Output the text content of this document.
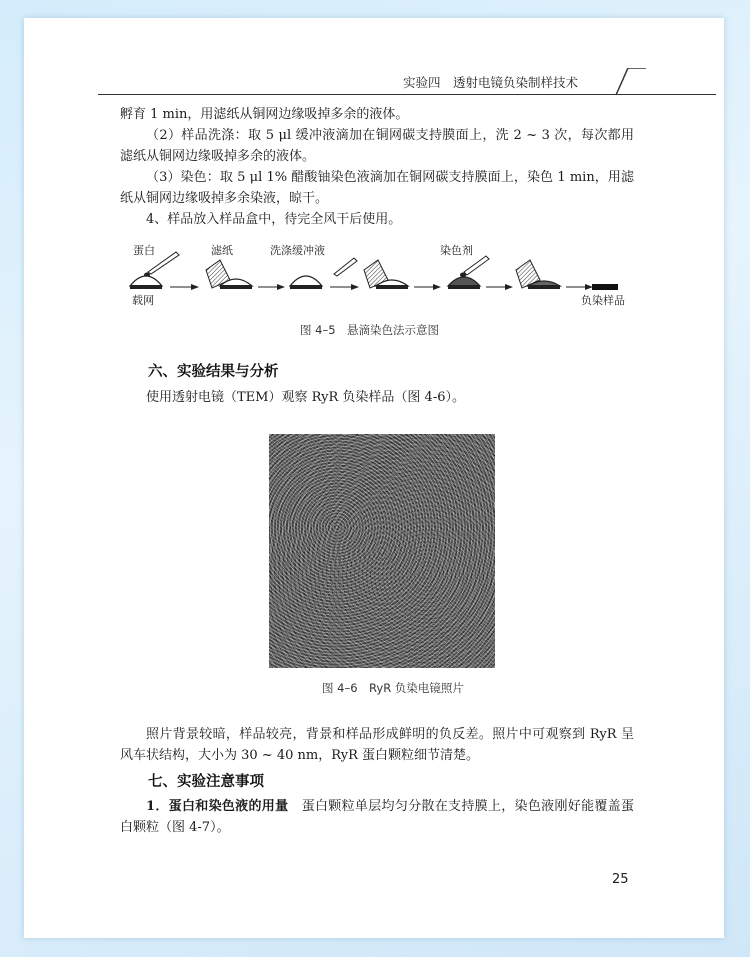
实验四　透射电镜负染制样技术

孵育 1 min，用滤纸从铜网边缘吸掉多余的液体。

（2）样品洗涤：取 5 μl 缓冲液滴加在铜网碳支持膜面上，洗 2 ~ 3 次，每次都用滤纸从铜网边缘吸掉多余的液体。

（3）染色：取 5 μl 1% 醋酸铀染色液滴加在铜网碳支持膜面上，染色 1 min，用滤纸从铜网边缘吸掉多余染液，晾干。

4、样品放入样品盒中，待完全风干后使用。

蛋白	滤纸	洗涤缓冲液	染色剂
载网	负染样品
图 4–5　悬滴染色法示意图
六、实验结果与分析

使用透射电镜（TEM）观察 RyR 负染样品（图 4-6）。

图 4–6　RyR 负染电镜照片

照片背景较暗，样品较亮，背景和样品形成鲜明的负反差。照片中可观察到 RyR 呈风车状结构，大小为 30 ~ 40 nm，RyR 蛋白颗粒细节清楚。

七、实验注意事项

1．蛋白和染色液的用量　蛋白颗粒单层均匀分散在支持膜上，染色液刚好能覆盖蛋白颗粒（图 4-7）。

25
